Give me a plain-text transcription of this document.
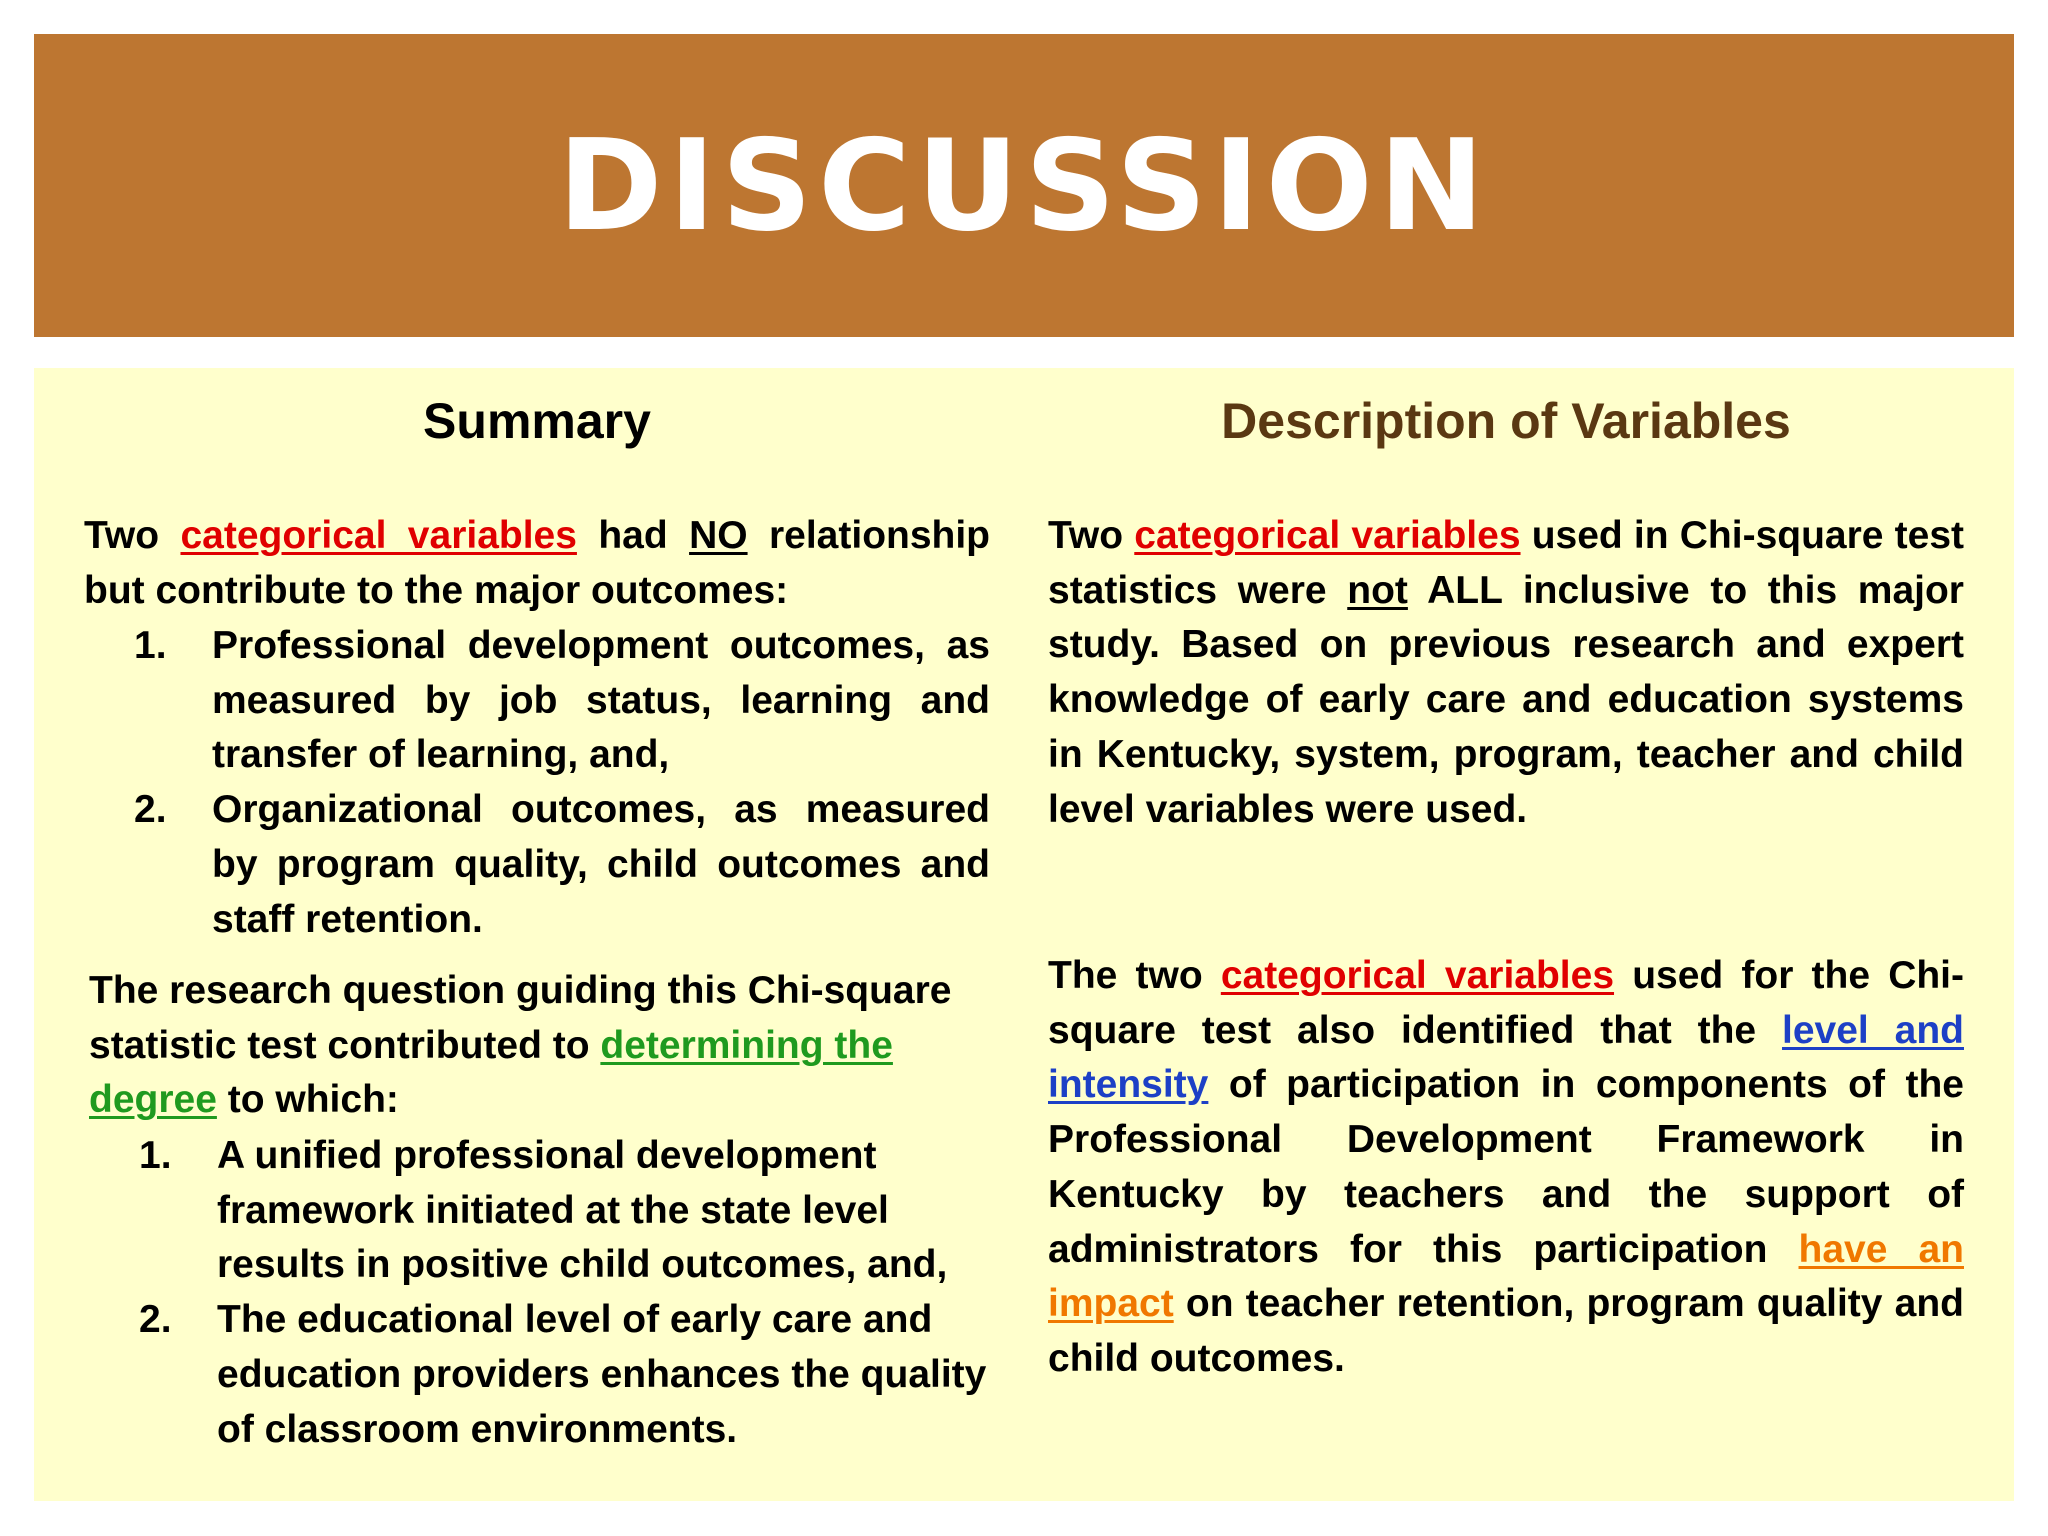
DISCUSSION
Summary	Description of Variables

Two categorical variables had NO relationship but contribute to the major outcomes:

1. Professional development outcomes, as measured by job status, learning and transfer of learning, and,
2. Organizational outcomes, as measured by program quality, child outcomes and staff retention.

The research question guiding this Chi-square statistic test contributed to determining the degree to which:

1. A unified professional development framework initiated at the state level results in positive child outcomes, and,
2. The educational level of early care and education providers enhances the quality of classroom environments.

Two categorical variables used in Chi-square test statistics were not ALL inclusive to this major study. Based on previous research and expert knowledge of early care and education systems in Kentucky, system, program, teacher and child level variables were used.

The two categorical variables used for the Chi-square test also identified that the level and intensity of participation in components of the Professional Development Framework in Kentucky by teachers and the support of administrators for this participation have an impact on teacher retention, program quality and child outcomes.
